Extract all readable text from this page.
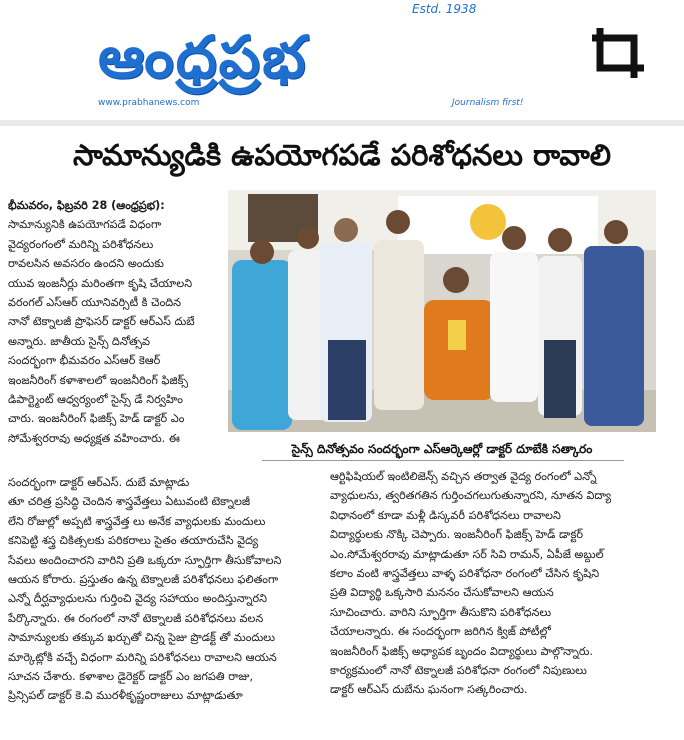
Estd. 1938
ఆంధ్రప్రభ
www.prabhanews.com	Journalism first!
సామాన్యుడికి ఉపయోగపడే పరిశోధనలు రావాలి

భీమవరం, ఫిబ్రవరి 28 (ఆంధ్రప్రభ):

సామాన్యునికి ఉపయోగపడే విధంగా

వైద్యరంగంలో మరిన్ని పరిశోధనలు

రావలసిన అవసరం ఉందని అందుకు

యువ ఇంజనీర్లు మరింతగా కృషి చేయాలని

వరంగల్ ఎస్ఆర్ యూనివర్సిటీ కి చెందిన

నానో టెక్నాలజీ ప్రొఫెసర్ డాక్టర్ ఆర్ఎస్ దుబే

అన్నారు. జాతీయ సైన్స్ దినోత్సవ

సందర్భంగా భీమవరం ఎస్ఆర్ కెఆర్

ఇంజనీరింగ్ కళాశాలలో ఇంజనీరింగ్ ఫిజిక్స్

డిపార్ట్మెంట్ ఆధ్వర్యంలో సైన్స్ డే నిర్వహిం

చారు. ఇంజనీరింగ్ ఫిజిక్స్ హెడ్ డాక్టర్ ఎం

సోమేశ్వరరావు అధ్యక్షత వహించారు. ఈ

సైన్స్ దినోత్సవం సందర్భంగా ఎస్ఆర్కెఆర్లో డాక్టర్ దూబేకి సత్కారం

సందర్భంగా డాక్టర్ ఆర్ఎస్. దుబే మాట్లాడు

తూ చరిత్ర ప్రసిద్ధి చెందిన శాస్త్రవేత్తలు ఏటువంటి టెక్నాలజీ

లేని రోజుల్లో అప్పటి శాస్త్రవేత్త లు అనేక వ్యాధులకు మందులు

కనిపెట్టి శస్త్ర చికిత్సలకు పరికరాలు సైతం తయారుచేసి వైద్య

సేవలు అందించారని వారిని ప్రతి ఒక్కరూ స్ఫూర్తిగా తీసుకోవాలని

ఆయన కోరారు. ప్రస్తుతం ఉన్న టెక్నాలజీ పరిశోధనలు ఫలితంగా

ఎన్నో దీర్ఘవ్యాధులను గుర్తించి వైద్య సహాయం అందిస్తున్నారని

పేర్కొన్నారు. ఈ రంగంలో నానో టెక్నాలజీ పరిశోధనలు వలన

సామాన్యులకు తక్కువ ఖర్చుతో చిన్న సైజు ప్రొడక్ట్ తో మందులు

మార్కెట్లోకి వచ్చే విధంగా మరిన్ని పరిశోధనలు రావాలని ఆయన

సూచన చేశారు. కళాశాల డైరెక్టర్ డాక్టర్ ఎం జగపతి రాజు,

ప్రిన్సిపల్ డాక్టర్ కె.వి మురళీకృష్ణంరాజులు మాట్లాడుతూ

ఆర్టిఫిషియల్ ఇంటిలిజెన్స్ వచ్చిన తర్వాత వైద్య రంగంలో ఎన్నో

వ్యాధులను, త్వరితగతిన గుర్తించగలుగుతున్నారని, నూతన విద్యా

విధానంలో కూడా మళ్లీ డిస్కవరీ పరిశోధనలు రావాలని

విద్యార్థులకు నొక్కి చెప్పారు. ఇంజనీరింగ్ ఫిజిక్స్ హెడ్ డాక్టర్

ఎం.సోమేశ్వరరావు మాట్లాడుతూ సర్ సివి రామన్, ఏపీజే అబ్దుల్

కలాం వంటి శాస్త్రవేత్తలు వాళ్ళ పరిశోధనా రంగంలో చేసిన కృషిని

ప్రతి విద్యార్థి ఒక్కసారి మననం చేసుకోవాలని ఆయన

సూచించారు. వారిని స్ఫూర్తిగా తీసుకొని పరిశోధనలు

చేయాలన్నారు. ఈ సందర్భంగా జరిగిన క్విజ్ పోటీల్లో

ఇంజనీరింగ్ ఫిజిక్స్ అధ్యాపక బృందం విద్యార్థులు పాల్గొన్నారు.

కార్యక్రమంలో నానో టెక్నాలజీ పరిశోధనా రంగంలో నిపుణులు

డాక్టర్ ఆర్ఎస్ దుబేను ఘనంగా సత్కరించారు.
